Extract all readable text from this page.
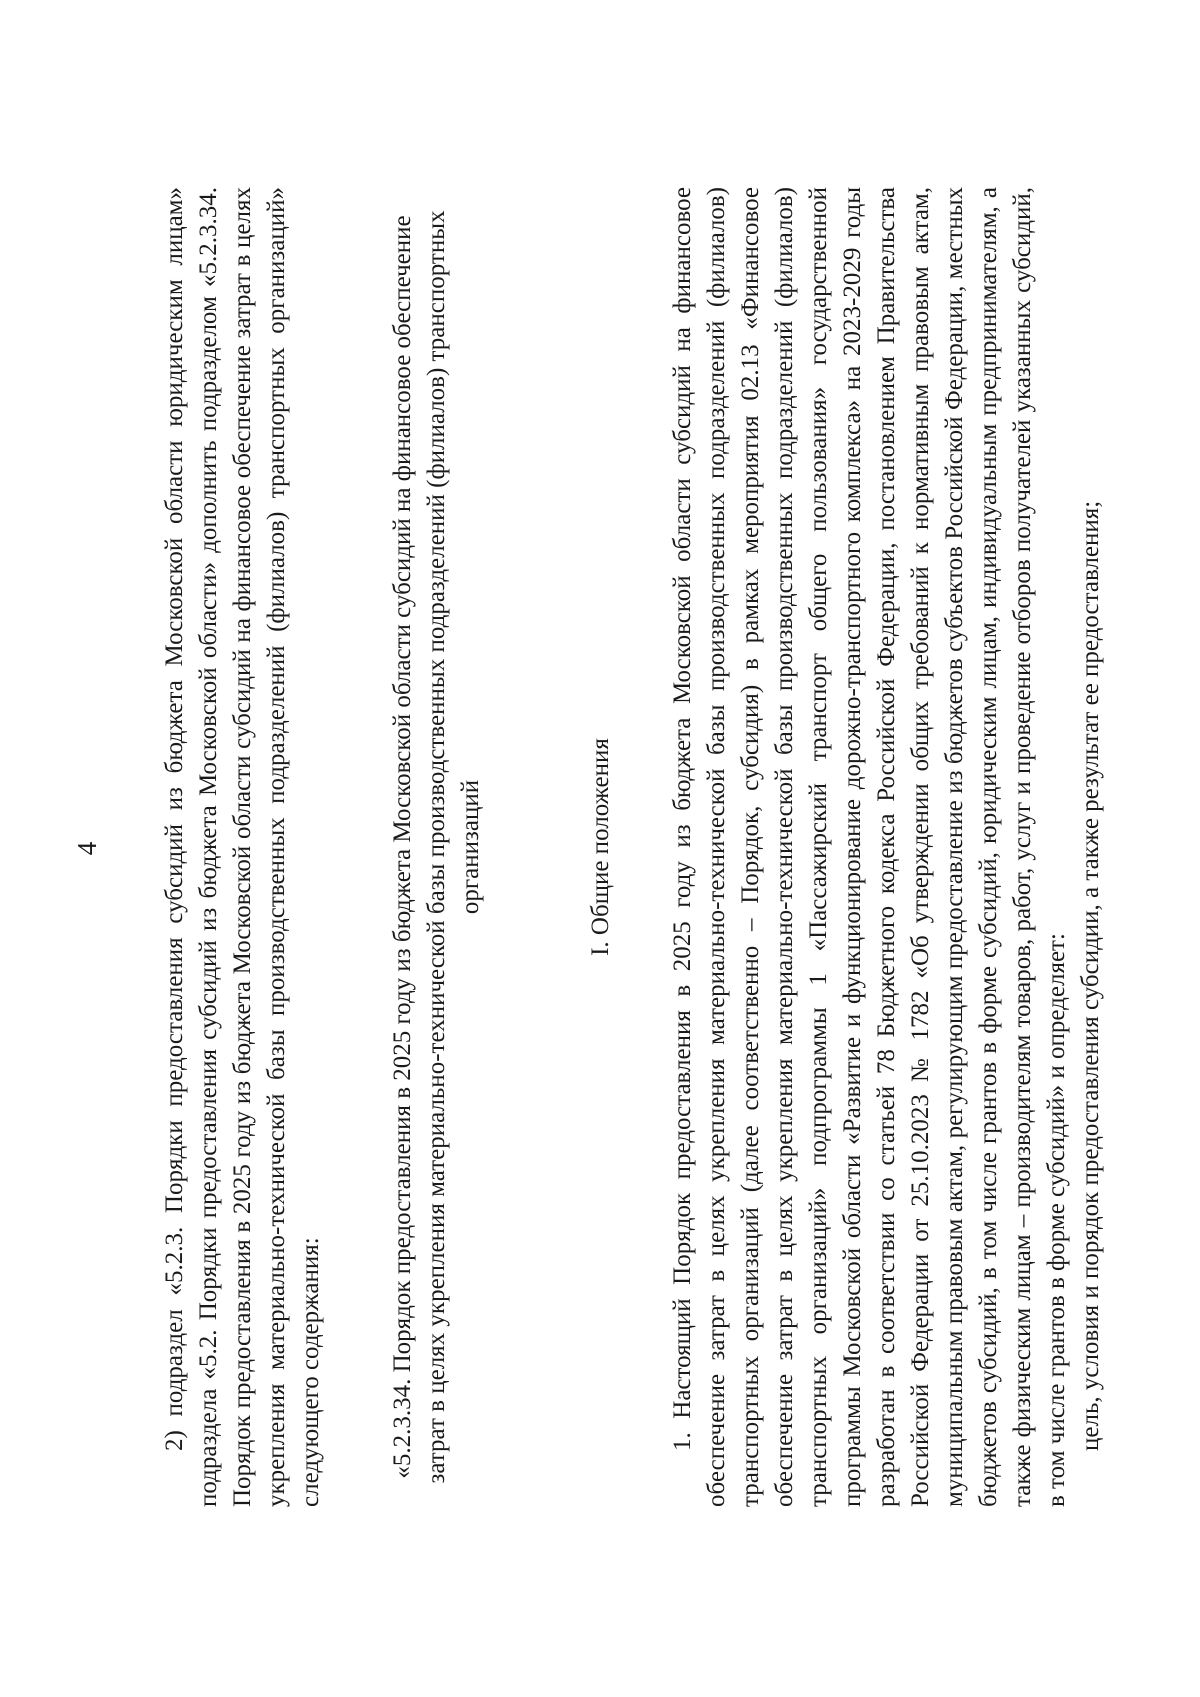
4 2) подраздел «5.2.3. Порядки предоставления субсидий из бюджета Московской области юридическим лицам» подраздела «5.2. Порядки предоставления субсидий из бюджета Московской области» дополнить подразделом «5.2.3.34. Порядок предоставления в 2025 году из бюджета Московской области субсидий на финансовое обеспечение затрат в целях укрепления материально-технической базы производственных подразделений (филиалов) транспортных организаций» следующего содержания:	«5.2.3.34. Порядок предоставления в 2025 году из бюджета Московской области субсидий на финансовое обеспечение затрат в целях укрепления материально-технической базы производственных подразделений (филиалов) транспортных организаций	I. Общие положения 1. Настоящий Порядок предоставления в 2025 году из бюджета Московской области субсидий на финансовое обеспечение затрат в целях укрепления материально-технической базы производственных подразделений (филиалов) транспортных организаций (далее соответственно – Порядок, субсидия) в рамках мероприятия 02.13 «Финансовое обеспечение затрат в целях укрепления материально-технической базы производственных подразделений (филиалов) транспортных организаций» подпрограммы 1 «Пассажирский транспорт общего пользования» государственной программы Московской области «Развитие и функционирование дорожно-транспортного комплекса» на 2023-2029 годы разработан в соответствии со статьей 78 Бюджетного кодекса Российской Федерации, постановлением Правительства Российской Федерации от 25.10.2023 № 1782 «Об утверждении общих требований к нормативным правовым актам, муниципальным правовым актам, регулирующим предоставление из бюджетов субъектов Российской Федерации, местных бюджетов субсидий, в том числе грантов в форме субсидий, юридическим лицам, индивидуальным предпринимателям, а также физическим лицам – производителям товаров, работ, услуг и проведение отборов получателей указанных субсидий, в том числе грантов в форме субсидий» и определяет: цель, условия и порядок предоставления субсидии, а также результат ее предоставления;
